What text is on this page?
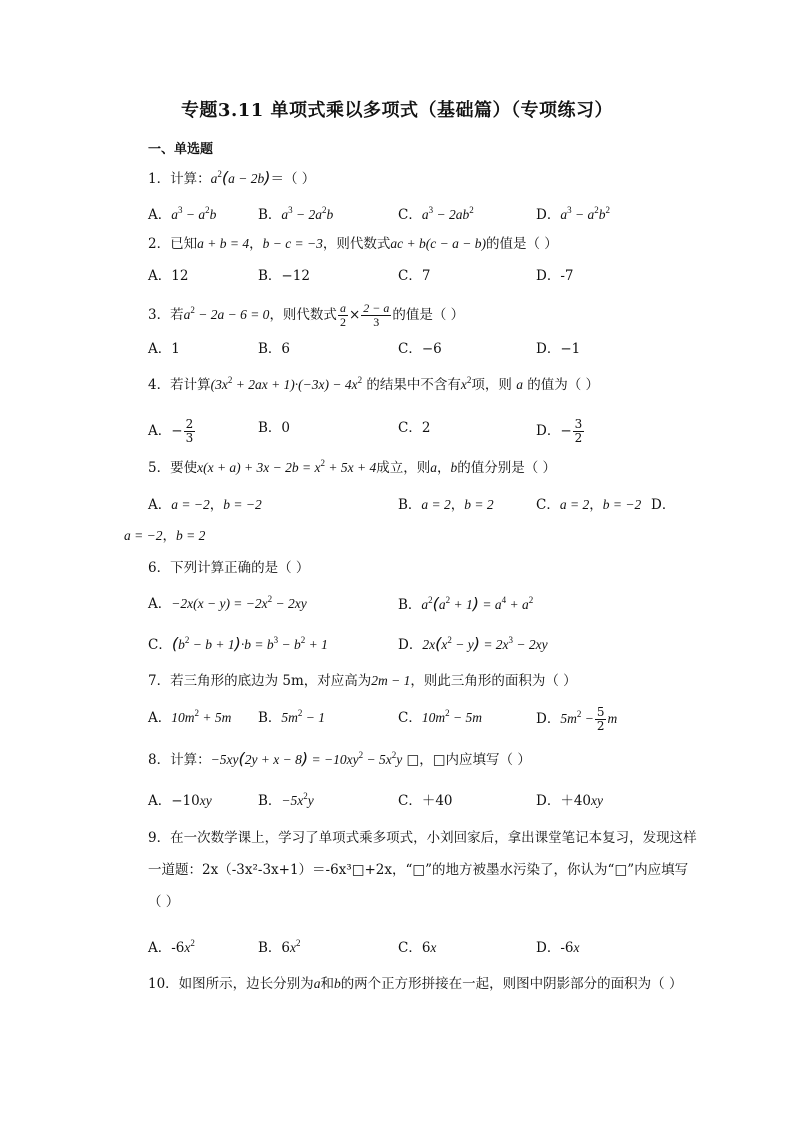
专题3.11 单项式乘以多项式（基础篇）（专项练习）
一、单选题
1．计算：$a^2(a - 2b)=$（ ）
A．$a^3 - a^2b$	B．$a^3 - 2a^2b$	C．$a^3 - 2ab^2$	D．$a^3 - a^2b^2$
2．已知a + b = 4，b − c = −3，则代数式ac + b(c − a − b)的值是（ ）
A．12	B．−12	C．7	D．-7
3．若$a^2 - 2a - 6 = 0$，则代数式 $\frac{a}{2} \times \frac{2 - a}{3}$ 的值是（ ）
A．1	B．6	C．−6	D．−1
4．若计算$(3x^2 + 2ax + 1)\cdot(-3x) - 4x^2$ 的结果中不含有$x^2$项，则 a 的值为（ ）
A．− $\frac{2}{3}$	B．0	C．2	D．− $\frac{3}{2}$
5．要使$x(x + a) + 3x - 2b = x^2 + 5x + 4$成立，则a，b的值分别是（ ）
A．a = −2，b = −2	B．a = 2，b = 2	C．a = 2，b = −2 D．
a = −2，b = 2
6．下列计算正确的是（ ）
A．$-2x(x - y) = -2x^2 - 2xy$	B．$a^2(a^2 + 1) = a^4 + a^2$
C．$(b^2 - b + 1)\cdot b = b^3 - b^2 + 1$	D．$2x(x^2 - y) = 2x^3 - 2xy$
7．若三角形的底边为 5m，对应高为2m − 1，则此三角形的面积为（ ）
A．$10m^2 + 5m$ B．$5m^2 - 1$	C．$10m^2 - 5m$	D．$5m^2 - \frac{5}{2}$ m
8．计算：$-5xy(2y + x - 8) = -10xy^2 - 5x^2y$ □，□内应填写（ ）
A．−10xy	B．$-5x^2y$	C．＋40	D．＋40xy
9．在一次数学课上，学习了单项式乘多项式，小刘回家后，拿出课堂笔记本复习，发现这样一道题：2x（-3x²-3x+1）＝-6x³□+2x，“□”的地方被墨水污染了，你认为“□”内应填写（ ）
A．$-6x^2$	B．$6x^2$	C．6x	D．-6x
10．如图所示，边长分别为a和b的两个正方形拼接在一起，则图中阴影部分的面积为（ ）
